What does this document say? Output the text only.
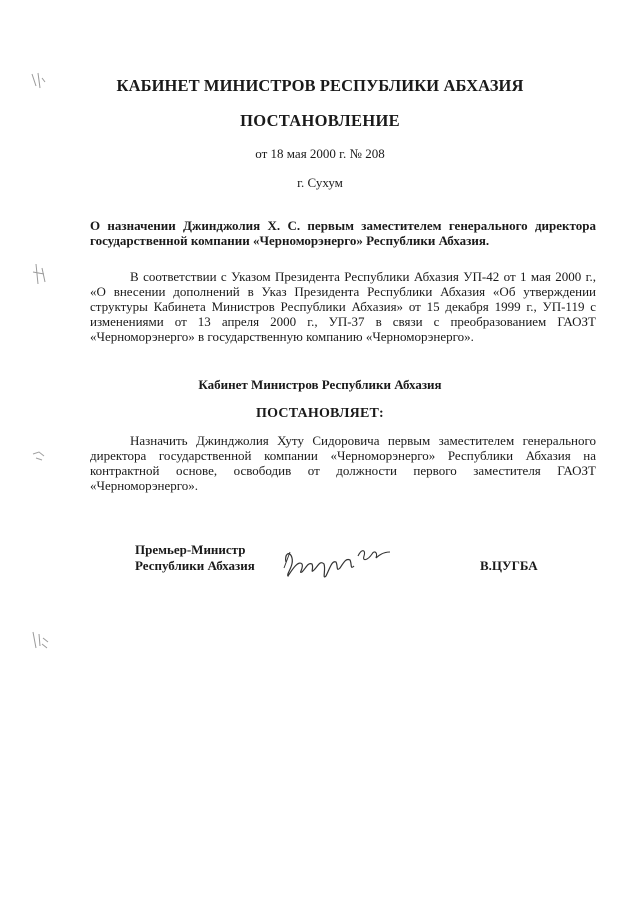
КАБИНЕТ МИНИСТРОВ РЕСПУБЛИКИ АБХАЗИЯ
ПОСТАНОВЛЕНИЕ
от 18 мая 2000 г. № 208
г. Сухум
О назначении Джинджолия Х. С. первым заместителем генерального директора государственной компании «Черноморэнерго» Республики Абхазия.
В соответствии с Указом Президента Республики Абхазия УП-42 от 1 мая 2000 г., «О внесении дополнений в Указ Президента Республики Абхазия «Об утверждении структуры Кабинета Министров Республики Абхазия» от 15 декабря 1999 г., УП-119 с изменениями от 13 апреля 2000 г., УП-37 в связи с преобразованием ГАОЗТ «Черноморэнерго» в государственную компанию «Черноморэнерго».
Кабинет Министров Республики Абхазия
ПОСТАНОВЛЯЕТ:
Назначить Джинджолия Хуту Сидоровича первым заместителем генерального директора государственной компании «Черноморэнерго» Республики Абхазия на контрактной основе, освободив от должности первого заместителя ГАОЗТ «Черноморэнерго».
Премьер-Министр
Республики Абхазия	В.ЦУГБА
